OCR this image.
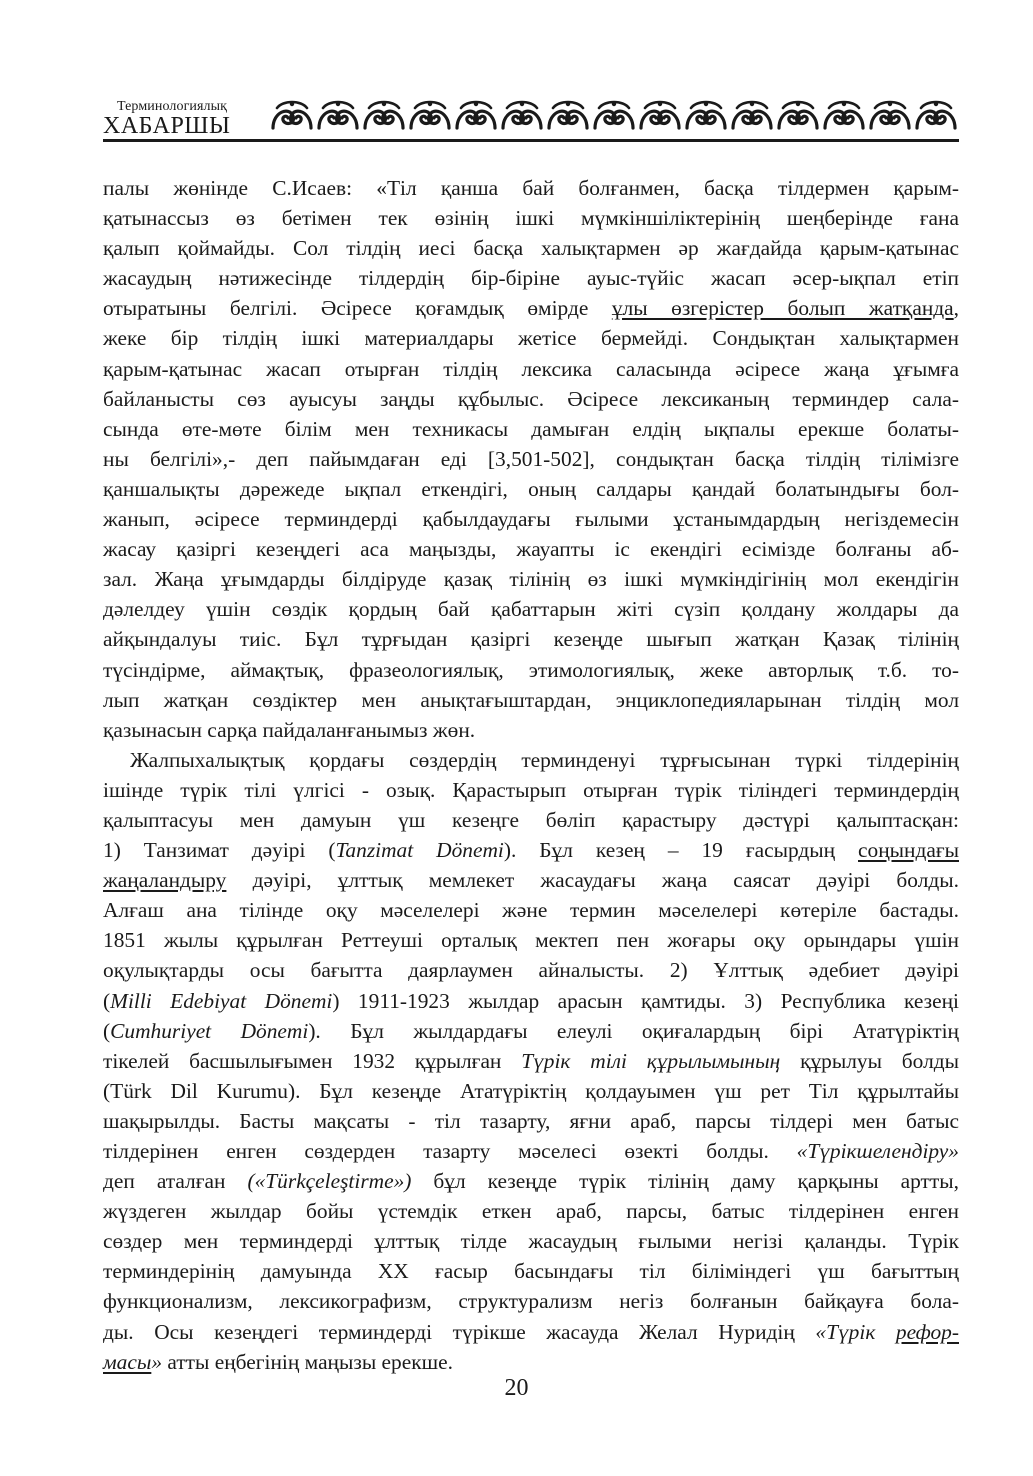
Терминологиялық
ХАБАРШЫ
палы жөнінде С.Исаев: «Тіл қанша бай болғанмен, басқа тілдермен қарым-
қатынассыз өз бетімен тек өзінің ішкі мүмкіншіліктерінің шеңберінде ғана
қалып қоймайды. Сол тілдің иесі басқа халықтармен әр жағдайда қарым-қатынас
жасаудың нәтижесінде тілдердің бір-біріне ауыс-түйіс жасап әсер-ықпал етіп
отыратыны белгілі. Әсіресе қоғамдық өмірде ұлы өзгерістер болып жатқанда,
жеке бір тілдің ішкі материалдары жетісе бермейді. Сондықтан халықтармен
қарым-қатынас жасап отырған тілдің лексика саласында әсіресе жаңа ұғымға
байланысты сөз ауысуы заңды құбылыс. Әсіресе лексиканың терминдер сала-
сында өте-мөте білім мен техникасы дамыған елдің ықпалы ерекше болаты-
ны белгілі»,- деп пайымдаған еді [3,501-502], сондықтан басқа тілдің тілімізге
қаншалықты дәрежеде ықпал еткендігі, оның салдары қандай болатындығы бол-
жанып, әсіресе терминдерді қабылдаудағы ғылыми ұстанымдардың негіздемесін
жасау қазіргі кезеңдегі аса маңызды, жауапты іс екендігі есімізде болғаны аб-
зал. Жаңа ұғымдарды білдіруде қазақ тілінің өз ішкі мүмкіндігінің мол екендігін
дәлелдеу үшін сөздік қордың бай қабаттарын жіті сүзіп қолдану жолдары да
айқындалуы тиіс. Бұл тұрғыдан қазіргі кезеңде шығып жатқан Қазақ тілінің
түсіндірме, аймақтық, фразеологиялық, этимологиялық, жеке авторлық т.б. то-
лып жатқан сөздіктер мен анықтағыштардан, энциклопедияларынан тілдің мол
қазынасын сарқа пайдаланғанымыз жөн.
Жалпыхалықтық қордағы сөздердің терминденуі тұрғысынан түркі тілдерінің
ішінде түрік тілі үлгісі - озық. Қарастырып отырған түрік тіліндегі терминдердің
қалыптасуы мен дамуын үш кезеңге бөліп қарастыру дәстүрі қалыптасқан:
1) Танзимат дәуірі (Tanzimat Dönemi). Бұл кезең – 19 ғасырдың соңындағы
жаңаландыру дәуірі, ұлттық мемлекет жасаудағы жаңа саясат дәуірі болды.
Алғаш ана тілінде оқу мәселелері және термин мәселелері көтеріле бастады.
1851 жылы құрылған Реттеуші орталық мектеп пен жоғары оқу орындары үшін
оқулықтарды осы бағытта даярлаумен айналысты. 2) Ұлттық әдебиет дәуірі
(Milli Edebiyat Dönemi) 1911-1923 жылдар арасын қамтиды. 3) Республика кезеңі
(Cumhuriyet Dönemi). Бұл жылдардағы елеулі оқиғалардың бірі Ататүріктің
тікелей басшылығымен 1932 құрылған Түрік тілі құрылымының құрылуы болды
(Türk Dil Kurumu). Бұл кезеңде Ататүріктің қолдауымен үш рет Тіл құрылтайы
шақырылды. Басты мақсаты - тіл тазарту, яғни араб, парсы тілдері мен батыс
тілдерінен енген сөздерден тазарту мәселесі өзекті болды. «Түрікшелендіру»
деп аталған («Türkçeleştirme») бұл кезеңде түрік тілінің даму қарқыны артты,
жүздеген жылдар бойы үстемдік еткен араб, парсы, батыс тілдерінен енген
сөздер мен терминдерді ұлттық тілде жасаудың ғылыми негізі қаланды. Түрік
терминдерінің дамуында ХХ ғасыр басындағы тіл біліміндегі үш бағыттың
функционализм, лексикографизм, структурализм негіз болғанын байқауға бола-
ды. Осы кезеңдегі терминдерді түрікше жасауда Желал Нуридің «Түрік рефор-
масы» атты еңбегінің маңызы ерекше.
20
